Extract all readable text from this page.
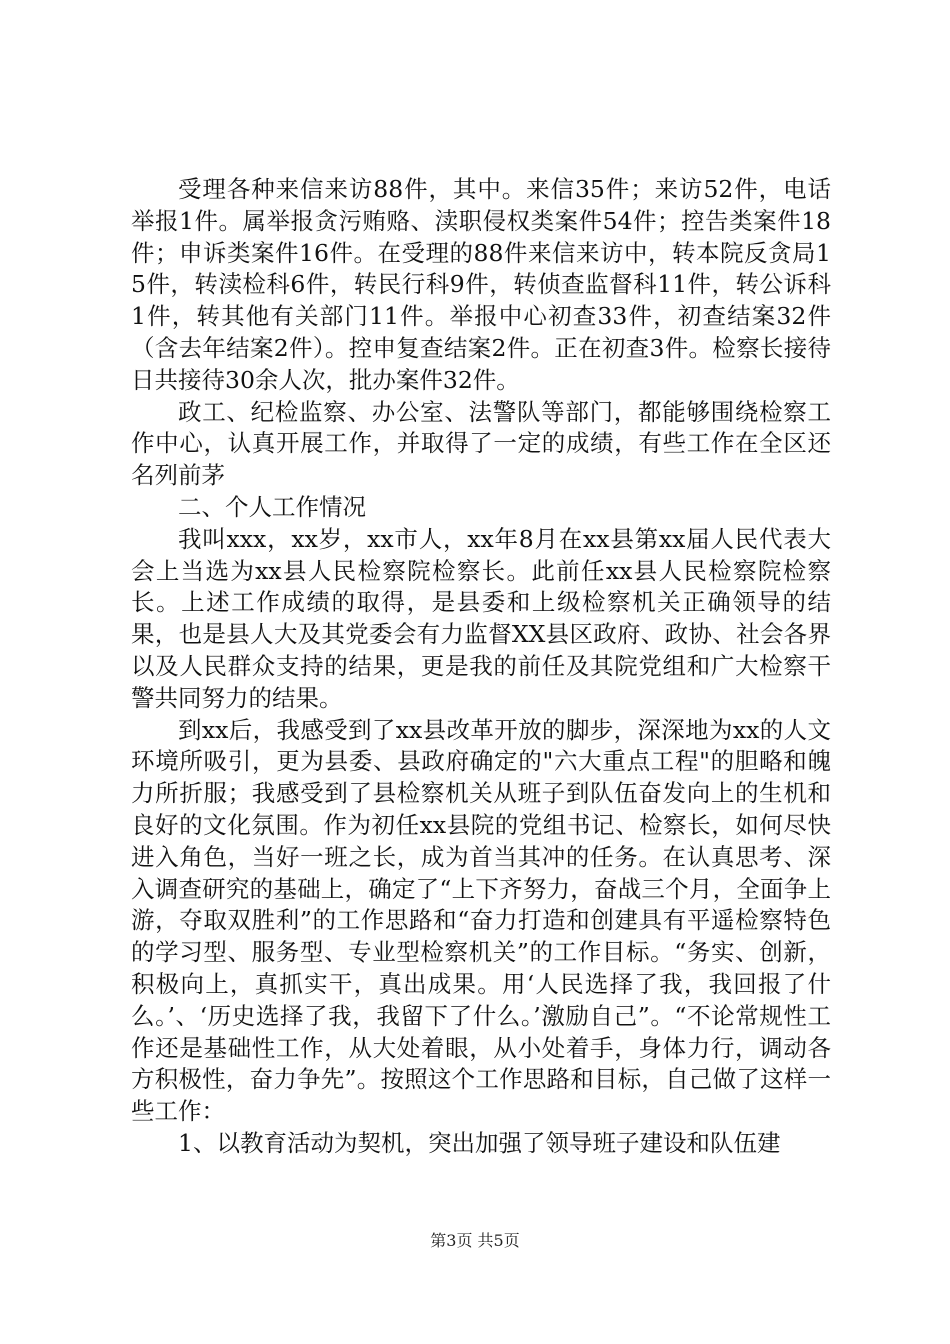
受理各种来信来访88件，其中。来信35件；来访52件，电话举报1件。属举报贪污贿赂、渎职侵权类案件54件；控告类案件18件；申诉类案件16件。在受理的88件来信来访中，转本院反贪局15件，转渎检科6件，转民行科9件，转侦查监督科11件，转公诉科1件，转其他有关部门11件。举报中心初查33件，初查结案32件（含去年结案2件）。控申复查结案2件。正在初查3件。检察长接待日共接待30余人次，批办案件32件。

政工、纪检监察、办公室、法警队等部门，都能够围绕检察工作中心，认真开展工作，并取得了一定的成绩，有些工作在全区还名列前茅

二、个人工作情况

我叫xxx，xx岁，xx市人，xx年8月在xx县第xx届人民代表大会上当选为xx县人民检察院检察长。此前任xx县人民检察院检察长。上述工作成绩的取得，是县委和上级检察机关正确领导的结果，也是县人大及其党委会有力监督XX县区政府、政协、社会各界以及人民群众支持的结果，更是我的前任及其院党组和广大检察干警共同努力的结果。

到xx后，我感受到了xx县改革开放的脚步，深深地为xx的人文环境所吸引，更为县委、县政府确定的"六大重点工程"的胆略和魄力所折服；我感受到了县检察机关从班子到队伍奋发向上的生机和良好的文化氛围。作为初任xx县院的党组书记、检察长，如何尽快进入角色，当好一班之长，成为首当其冲的任务。在认真思考、深入调查研究的基础上，确定了“上下齐努力，奋战三个月，全面争上游，夺取双胜利”的工作思路和“奋力打造和创建具有平遥检察特色的学习型、服务型、专业型检察机关”的工作目标。“务实、创新，积极向上，真抓实干，真出成果。用‘人民选择了我，我回报了什么。’、‘历史选择了我，我留下了什么。’激励自己”。“不论常规性工作还是基础性工作，从大处着眼，从小处着手，身体力行，调动各方积极性，奋力争先”。按照这个工作思路和目标，自己做了这样一些工作：

1、以教育活动为契机，突出加强了领导班子建设和队伍建

第3页 共5页
